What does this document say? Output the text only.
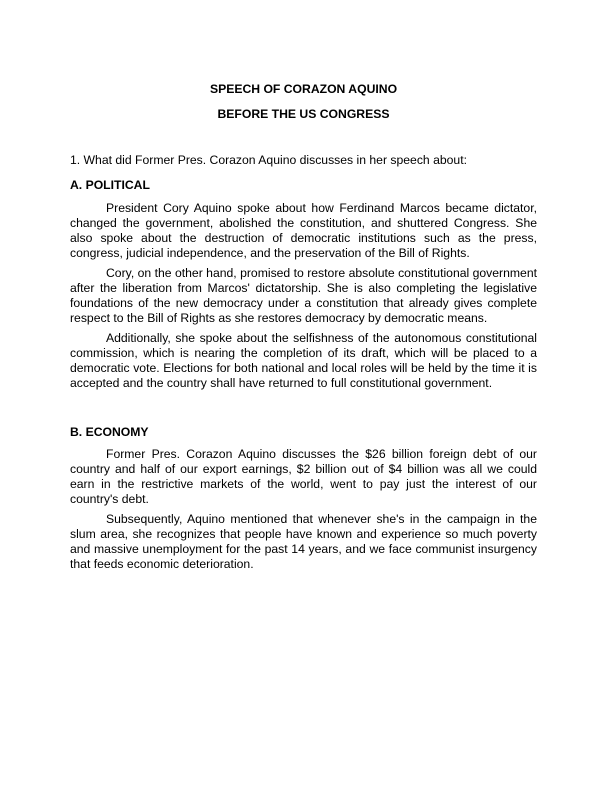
SPEECH OF CORAZON AQUINO
BEFORE THE US CONGRESS
1. What did Former Pres. Corazon Aquino discusses in her speech about:
A. POLITICAL

President Cory Aquino spoke about how Ferdinand Marcos became dictator, changed the government, abolished the constitution, and shuttered Congress. She also spoke about the destruction of democratic institutions such as the press, congress, judicial independence, and the preservation of the Bill of Rights.

Cory, on the other hand, promised to restore absolute constitutional government after the liberation from Marcos' dictatorship. She is also completing the legislative foundations of the new democracy under a constitution that already gives complete respect to the Bill of Rights as she restores democracy by democratic means.

Additionally, she spoke about the selfishness of the autonomous constitutional commission, which is nearing the completion of its draft, which will be placed to a democratic vote. Elections for both national and local roles will be held by the time it is accepted and the country shall have returned to full constitutional government.

B. ECONOMY

Former Pres. Corazon Aquino discusses the $26 billion foreign debt of our country and half of our export earnings, $2 billion out of $4 billion was all we could earn in the restrictive markets of the world, went to pay just the interest of our country's debt.

Subsequently, Aquino mentioned that whenever she's in the campaign in the slum area, she recognizes that people have known and experience so much poverty and massive unemployment for the past 14 years, and we face communist insurgency that feeds economic deterioration.
